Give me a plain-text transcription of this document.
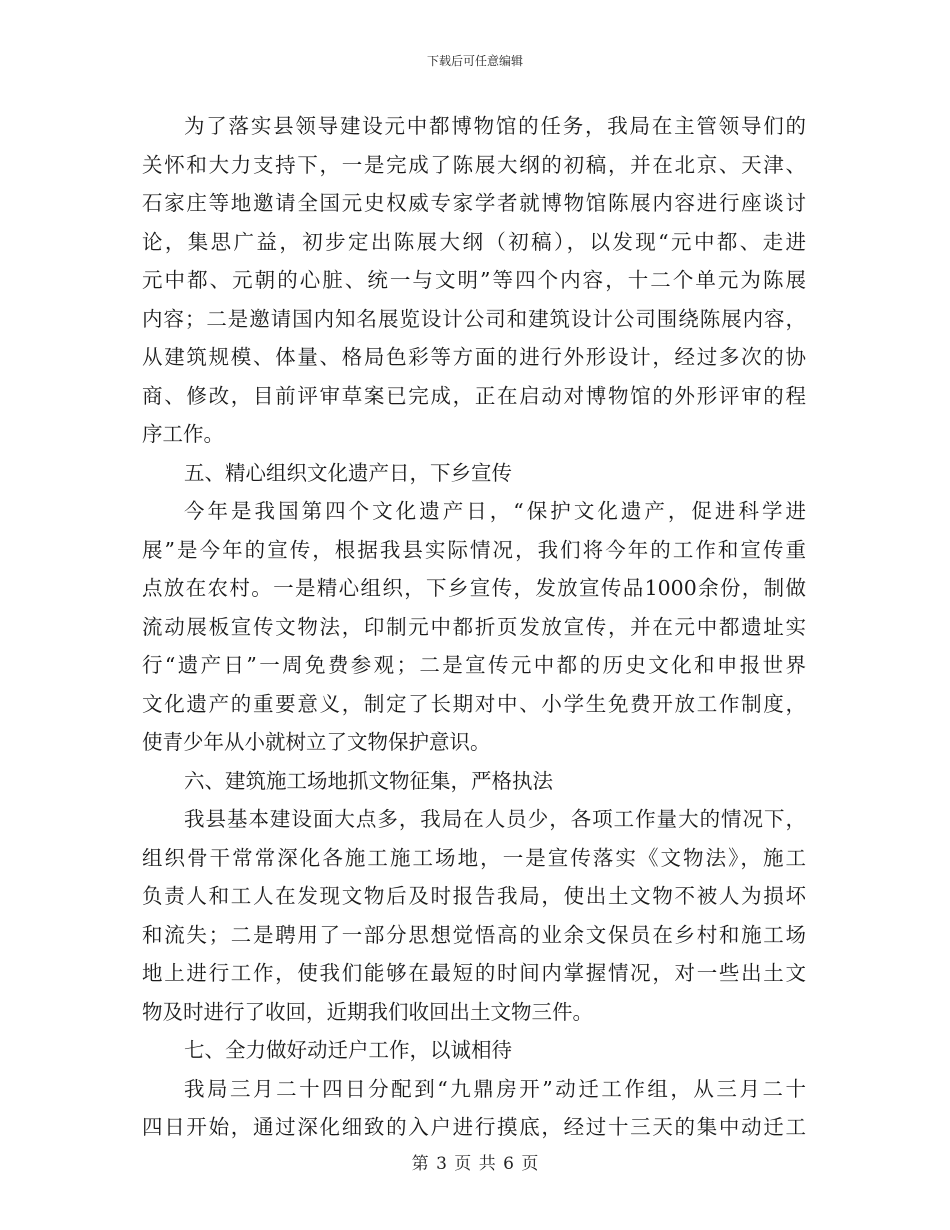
下载后可任意编辑
为了落实县领导建设元中都博物馆的任务，我局在主管领导们的
关怀和大力支持下，一是完成了陈展大纲的初稿，并在北京、天津、
石家庄等地邀请全国元史权威专家学者就博物馆陈展内容进行座谈讨
论，集思广益，初步定出陈展大纲（初稿），以发现“元中都、走进
元中都、元朝的心脏、统一与文明”等四个内容，十二个单元为陈展
内容；二是邀请国内知名展览设计公司和建筑设计公司围绕陈展内容，
从建筑规模、体量、格局色彩等方面的进行外形设计，经过多次的协
商、修改，目前评审草案已完成，正在启动对博物馆的外形评审的程
序工作。
五、精心组织文化遗产日，下乡宣传
今年是我国第四个文化遗产日，“保护文化遗产，促进科学进
展”是今年的宣传，根据我县实际情况，我们将今年的工作和宣传重
点放在农村。一是精心组织，下乡宣传，发放宣传品1000余份，制做
流动展板宣传文物法，印制元中都折页发放宣传，并在元中都遗址实
行“遗产日”一周免费参观；二是宣传元中都的历史文化和申报世界
文化遗产的重要意义，制定了长期对中、小学生免费开放工作制度，
使青少年从小就树立了文物保护意识。
六、建筑施工场地抓文物征集，严格执法
我县基本建设面大点多，我局在人员少，各项工作量大的情况下，
组织骨干常常深化各施工施工场地，一是宣传落实《文物法》，施工
负责人和工人在发现文物后及时报告我局，使出土文物不被人为损坏
和流失；二是聘用了一部分思想觉悟高的业余文保员在乡村和施工场
地上进行工作，使我们能够在最短的时间内掌握情况，对一些出土文
物及时进行了收回，近期我们收回出土文物三件。
七、全力做好动迁户工作，以诚相待
我局三月二十四日分配到“九鼎房开”动迁工作组，从三月二十
四日开始，通过深化细致的入户进行摸底，经过十三天的集中动迁工
第 3 页 共 6 页
